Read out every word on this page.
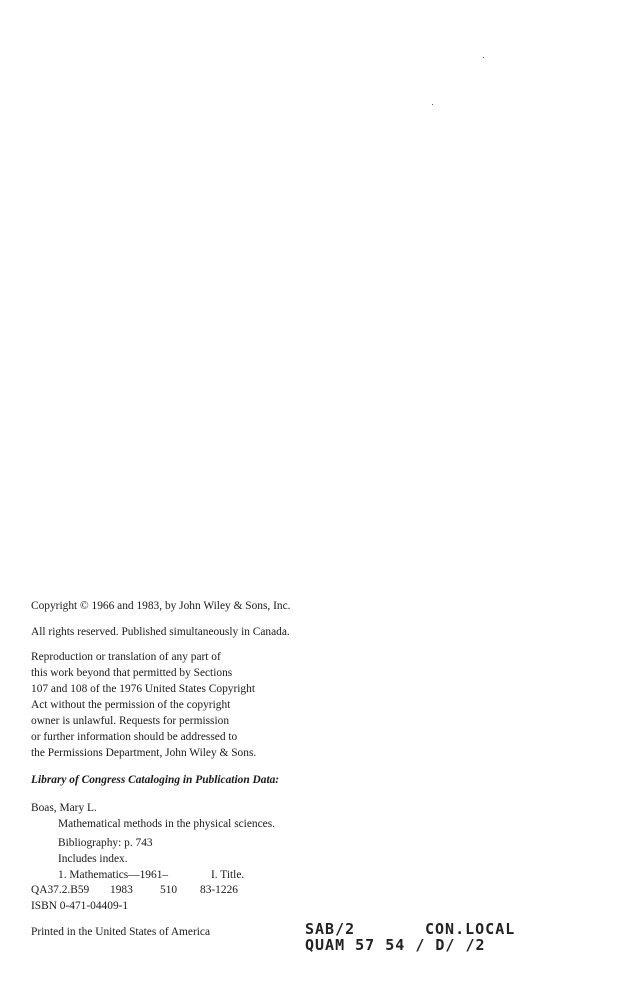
Copyright © 1966 and 1983, by John Wiley & Sons, Inc.
All rights reserved. Published simultaneously in Canada.
Reproduction or translation of any part of
this work beyond that permitted by Sections
107 and 108 of the 1976 United States Copyright
Act without the permission of the copyright
owner is unlawful. Requests for permission
or further information should be addressed to
the Permissions Department, John Wiley & Sons.
Library of Congress Cataloging in Publication Data:
Boas, Mary L.
Mathematical methods in the physical sciences.
Bibliography: p. 743
Includes index.
1. Mathematics—1961–	I. Title.
QA37.2.B59 1983 510 83-1226
ISBN 0-471-04409-1
Printed in the United States of America	SAB/2	CON.LOCAL
QUAM 57 54 / D/ /2
